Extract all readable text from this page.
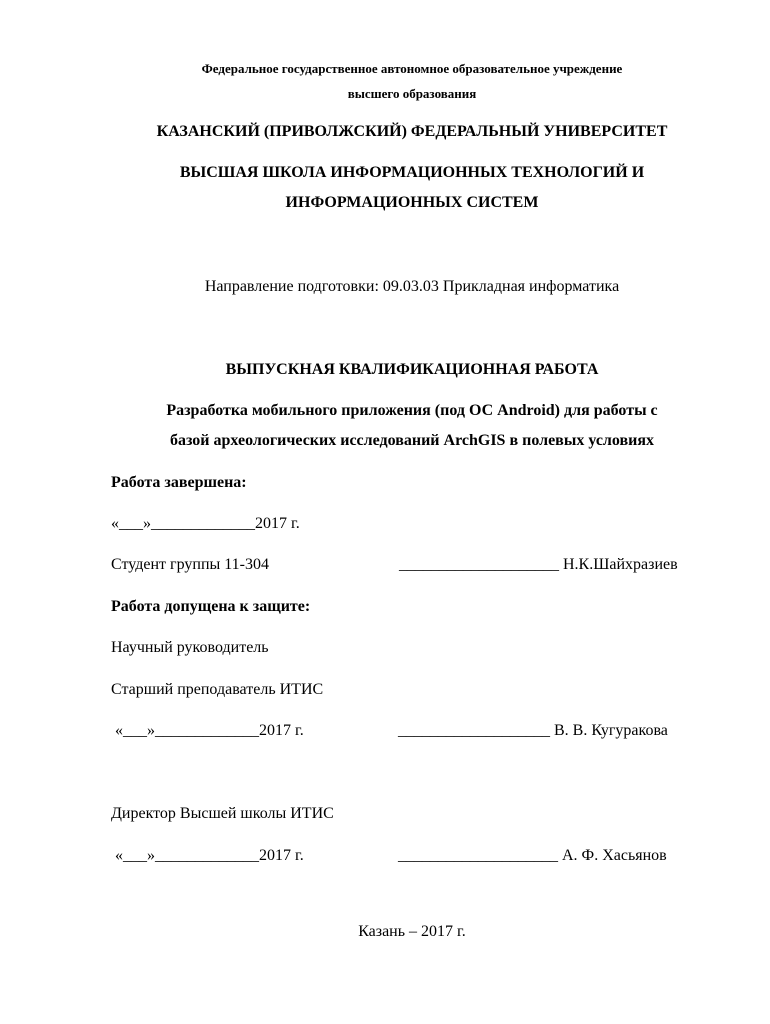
Федеральное государственное автономное образовательное учреждение
высшего образования
КАЗАНСКИЙ (ПРИВОЛЖСКИЙ) ФЕДЕРАЛЬНЫЙ УНИВЕРСИТЕТ
ВЫСШАЯ ШКОЛА ИНФОРМАЦИОННЫХ ТЕХНОЛОГИЙ И
ИНФОРМАЦИОННЫХ СИСТЕМ
Направление подготовки: 09.03.03 Прикладная информатика
ВЫПУСКНАЯ КВАЛИФИКАЦИОННАЯ РАБОТА
Разработка мобильного приложения (под ОС Android) для работы с
базой археологических исследований ArchGIS в полевых условиях
Работа завершена:
«___»_____________2017 г.
Студент группы 11-304	____________________ Н.К.Шайхразиев
Работа допущена к защите:
Научный руководитель
Старший преподаватель ИТИС
«___»_____________2017 г.	___________________ В. В. Кугуракова
Директор Высшей школы ИТИС
«___»_____________2017 г.	____________________ А. Ф. Хасьянов
Казань – 2017 г.
